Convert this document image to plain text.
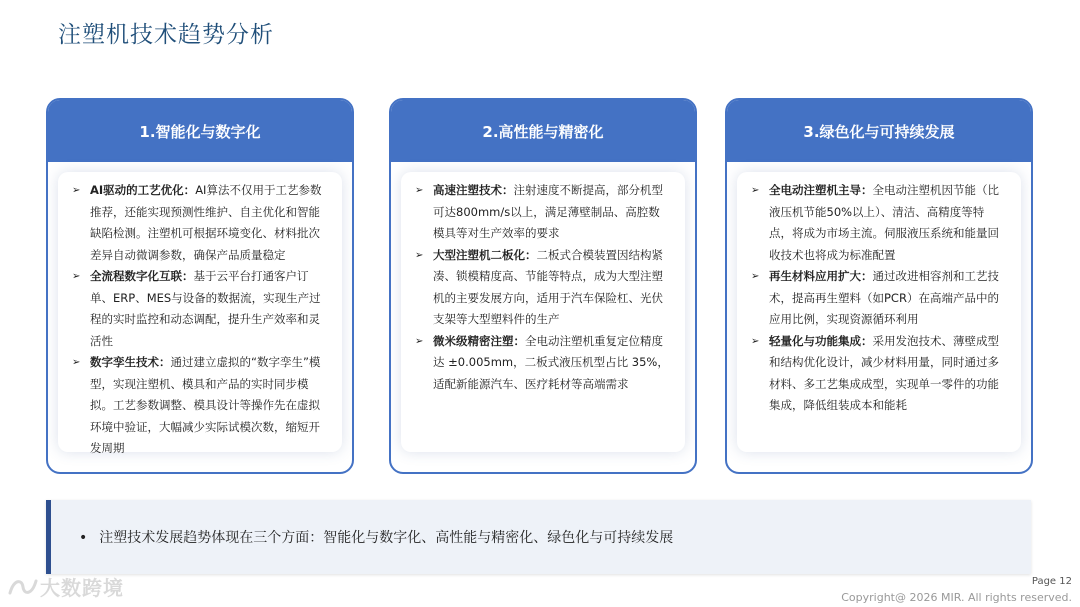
注塑机技术趋势分析
1.智能化与数字化
➢ AI驱动的工艺优化：AI算法不仅用于工艺参数推荐，还能实现预测性维护、自主优化和智能缺陷检测。注塑机可根据环境变化、材料批次差异自动微调参数，确保产品质量稳定
➢ 全流程数字化互联：基于云平台打通客户订单、ERP、MES与设备的数据流，实现生产过程的实时监控和动态调配，提升生产效率和灵活性
➢ 数字孪生技术：通过建立虚拟的“数字孪生”模型，实现注塑机、模具和产品的实时同步模拟。工艺参数调整、模具设计等操作先在虚拟环境中验证，大幅减少实际试模次数，缩短开发周期
2.高性能与精密化
➢ 高速注塑技术：注射速度不断提高，部分机型可达800mm/s以上，满足薄壁制品、高腔数模具等对生产效率的要求
➢ 大型注塑机二板化：二板式合模装置因结构紧凑、锁模精度高、节能等特点，成为大型注塑机的主要发展方向，适用于汽车保险杠、光伏支架等大型塑料件的生产
➢ 微米级精密注塑：全电动注塑机重复定位精度达 ±0.005mm，二板式液压机型占比 35%，适配新能源汽车、医疗耗材等高端需求
3.绿色化与可持续发展
➢ 全电动注塑机主导：全电动注塑机因节能（比液压机节能50%以上）、清洁、高精度等特点，将成为市场主流。伺服液压系统和能量回收技术也将成为标准配置
➢ 再生材料应用扩大：通过改进相容剂和工艺技术，提高再生塑料（如PCR）在高端产品中的应用比例，实现资源循环利用
➢ 轻量化与功能集成：采用发泡技术、薄壁成型和结构优化设计，减少材料用量，同时通过多材料、多工艺集成成型，实现单一零件的功能集成，降低组装成本和能耗
• 注塑技术发展趋势体现在三个方面：智能化与数字化、高性能与精密化、绿色化与可持续发展
大数跨境	Page 12
Copyright@ 2026 MIR. All rights reserved.
